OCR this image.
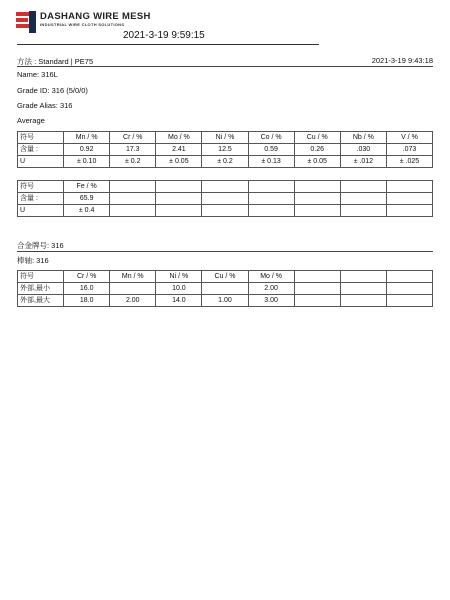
DASHANG WIRE MESH
INDUSTRIAL WIRE CLOTH SOLUTIONS
2021-3-19 9:59:15
方法 : Standard | PE75	2021-3-19 9:43:18
Name: 316L
Grade ID: 316 (5/0/0)
Grade Alias: 316
Average
符号	Mn / %	Cr / %	Mo / %	Ni / %	Co / %	Cu / %	Nb / %	V / %
含量 :	0.92	17.3	2.41	12.5	0.59	0.26	.030	.073
U	± 0.10	± 0.2	± 0.05	± 0.2	± 0.13	± 0.05	± .012	± .025
符号	Fe / %							
含量 :	65.9							
U	± 0.4							
合金牌号: 316
棒轴: 316
符号	Cr / %	Mn / %	Ni / %	Cu / %	Mo / %			
外部,最小	16.0		10.0		2.00			
外部,最大	18.0	2.00	14.0	1.00	3.00			
